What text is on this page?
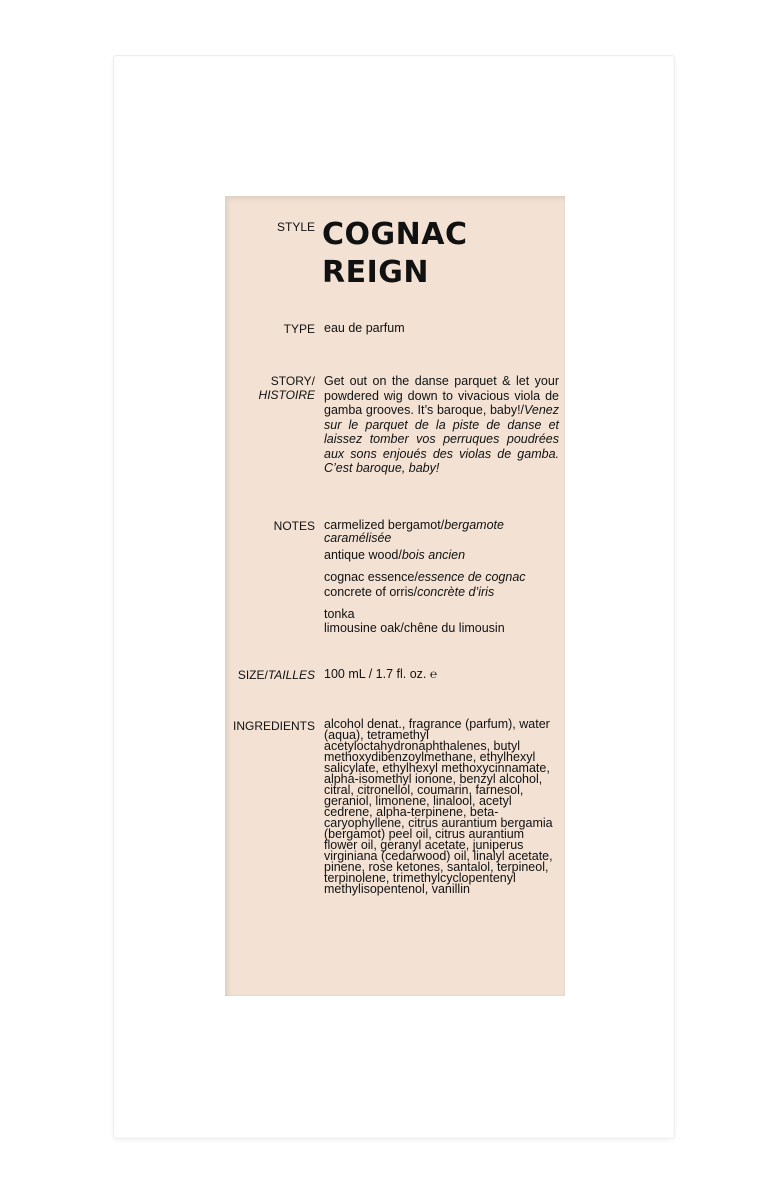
STYLE COGNAC
REIGN
TYPE eau de parfum
STORY/
HISTOIRE
Get out on the danse parquet & let your powdered wig down to vivacious viola de gamba grooves. It’s baroque, baby!/Venez sur le parquet de la piste de danse et laissez tomber vos perruques poudrées aux sons enjoués des violas de gamba. C’est baroque, baby!
NOTES carmelized bergamot/bergamote caramélisée
antique wood/bois ancien
cognac essence/essence de cognac
concrete of orris/concrète d’iris
tonka
limousine oak/chêne du limousin
SIZE/TAILLES 100 mL / 1.7 fl. oz. ℮
INGREDIENTS alcohol denat., fragrance (parfum), water (aqua), tetramethyl acetyloctahydronaphthalenes, butyl methoxydibenzoylmethane, ethylhexyl salicylate, ethylhexyl methoxycinnamate, alpha-isomethyl ionone, benzyl alcohol, citral, citronellol, coumarin, farnesol, geraniol, limonene, linalool, acetyl cedrene, alpha-terpinene, beta-caryophyllene, citrus aurantium bergamia (bergamot) peel oil, citrus aurantium flower oil, geranyl acetate, juniperus virginiana (cedarwood) oil, linalyl acetate, pinene, rose ketones, santalol, terpineol, terpinolene, trimethylcyclopentenyl methylisopentenol, vanillin
